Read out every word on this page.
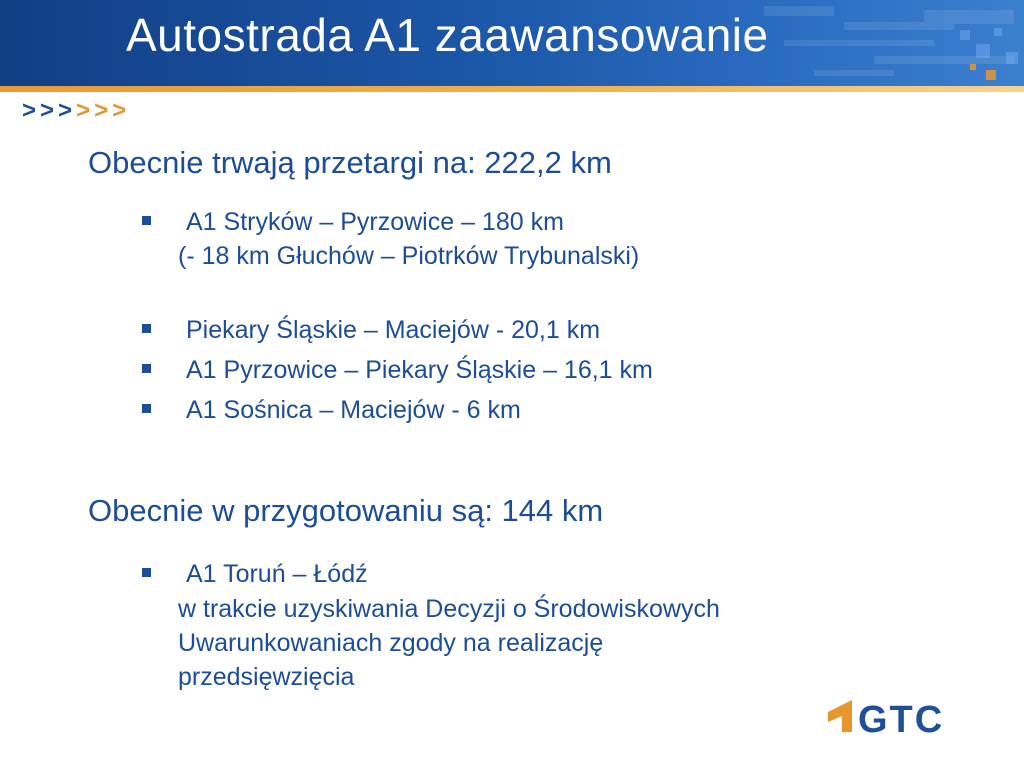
Autostrada A1 zaawansowanie
>>>>>>
Obecnie trwają przetargi na: 222,2 km
A1 Stryków – Pyrzowice – 180 km
(- 18 km Głuchów – Piotrków Trybunalski)
Piekary Śląskie – Maciejów - 20,1 km
A1 Pyrzowice – Piekary Śląskie – 16,1 km
A1 Sośnica – Maciejów - 6 km
Obecnie w przygotowaniu są: 144 km
A1 Toruń – Łódź
w trakcie uzyskiwania Decyzji o Środowiskowych
Uwarunkowaniach zgody na realizację
przedsięwzięcia
GTC
